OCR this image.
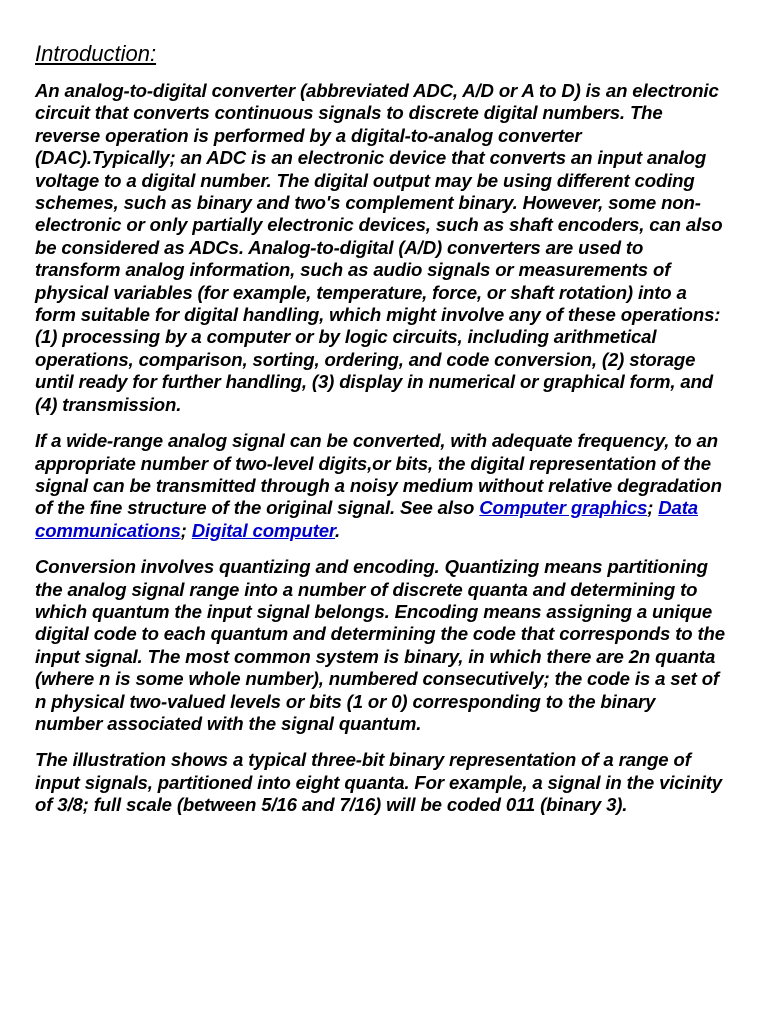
Introduction:

An analog-to-digital converter (abbreviated ADC, A/D or A to D) is an electronic circuit that converts continuous signals to discrete digital numbers. The reverse operation is performed by a digital-to-analog converter (DAC).Typically; an ADC is an electronic device that converts an input analog voltage to a digital number. The digital output may be using different coding schemes, such as binary and two's complement binary. However, some non-electronic or only partially electronic devices, such as shaft encoders, can also be considered as ADCs. Analog-to-digital (A/D) converters are used to transform analog information, such as audio signals or measurements of physical variables (for example, temperature, force, or shaft rotation) into a form suitable for digital handling, which might involve any of these operations: (1) processing by a computer or by logic circuits, including arithmetical operations, comparison, sorting, ordering, and code conversion, (2) storage until ready for further handling, (3) display in numerical or graphical form, and (4) transmission.

If a wide-range analog signal can be converted, with adequate frequency, to an appropriate number of two-level digits,or bits, the digital representation of the signal can be transmitted through a noisy medium without relative degradation of the fine structure of the original signal. See also Computer graphics; Data communications; Digital computer.

Conversion involves quantizing and encoding. Quantizing means partitioning the analog signal range into a number of discrete quanta and determining to which quantum the input signal belongs. Encoding means assigning a unique digital code to each quantum and determining the code that corresponds to the input signal. The most common system is binary, in which there are 2n quanta (where n is some whole number), numbered consecutively; the code is a set of n physical two-valued levels or bits (1 or 0) corresponding to the binary number associated with the signal quantum.

The illustration shows a typical three-bit binary representation of a range of input signals, partitioned into eight quanta. For example, a signal in the vicinity of 3/8; full scale (between 5/16 and 7/16) will be coded 011 (binary 3).
